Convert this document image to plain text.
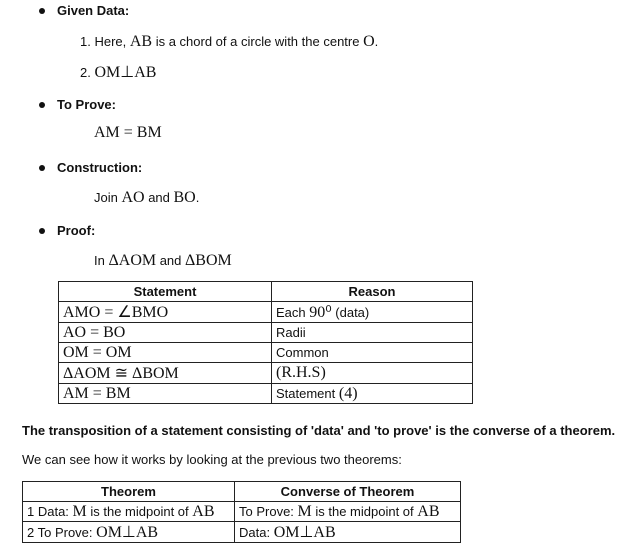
Given Data:
1. Here, AB is a chord of a circle with the centre O.
2. OM⊥AB
To Prove:
AM = BM
Construction:
Join AO and BO.
Proof:
In ΔAOM and ΔBOM
Statement	Reason
AMO = ∠BMO	Each 90⁰ (data)
AO = BO	Radii
OM = OM	Common
ΔAOM ≅ ΔBOM	(R.H.S)
AM = BM	Statement (4)
The transposition of a statement consisting of 'data' and 'to prove' is the converse of a theorem.
We can see how it works by looking at the previous two theorems:
Theorem	Converse of Theorem
1 Data: M is the midpoint of AB	To Prove: M is the midpoint of AB
2 To Prove: OM⊥AB	Data: OM⊥AB
